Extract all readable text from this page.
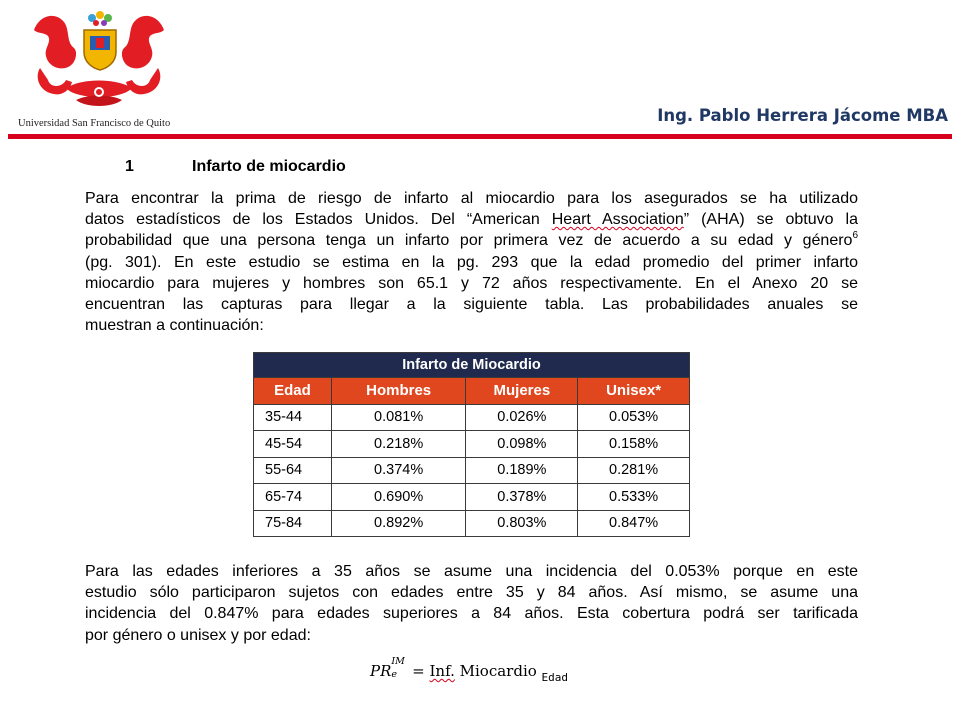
Universidad San Francisco de Quito	Ing. Pablo Herrera Jácome MBA
1	Infarto de miocardio
Para encontrar la prima de riesgo de infarto al miocardio para los asegurados se ha utilizado
datos estadísticos de los Estados Unidos. Del “American Heart Association” (AHA) se obtuvo la
probabilidad que una persona tenga un infarto por primera vez de acuerdo a su edad y género$^6$
(pg. 301). En este estudio se estima en la pg. 293 que la edad promedio del primer infarto
miocardio para mujeres y hombres son 65.1 y 72 años respectivamente. En el Anexo 20 se
encuentran las capturas para llegar a la siguiente tabla. Las probabilidades anuales se
muestran a continuación:
Infarto de Miocardio			
Edad	Hombres	Mujeres	Unisex*
35-44	0.081%	0.026%	0.053%
45-54	0.218%	0.098%	0.158%
55-64	0.374%	0.189%	0.281%
65-74	0.690%	0.378%	0.533%
75-84	0.892%	0.803%	0.847%
Para las edades inferiores a 35 años se asume una incidencia del 0.053% porque en este
estudio sólo participaron sujetos con edades entre 35 y 84 años. Así mismo, se asume una
incidencia del 0.847% para edades superiores a 84 años. Esta cobertura podrá ser tarificada
por género o unisex y por edad:
PR
IM
e = Inf. Miocardio $_{Edad}$
